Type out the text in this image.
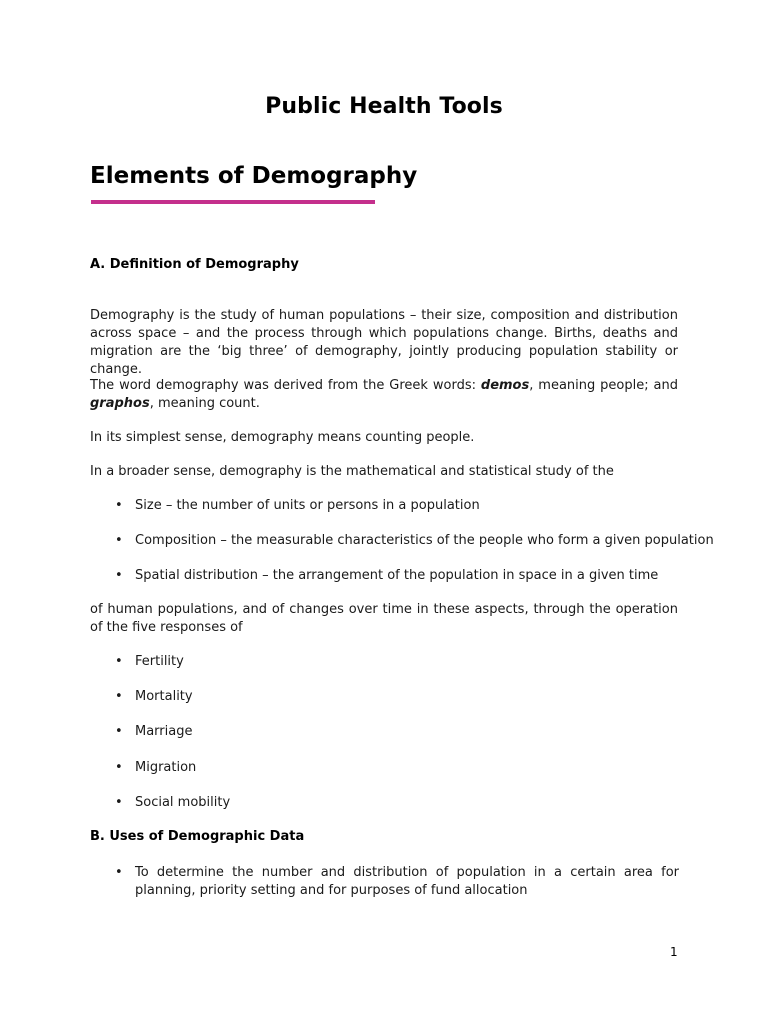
Public Health Tools
Elements of Demography
A. Definition of Demography
Demography is the study of human populations – their size, composition and distribution across space – and the process through which populations change. Births, deaths and migration are the ‘big three’ of demography, jointly producing population stability or change.
The word demography was derived from the Greek words: demos, meaning people; and graphos, meaning count.
In its simplest sense, demography means counting people.
In a broader sense, demography is the mathematical and statistical study of the
• Size – the number of units or persons in a population
• Composition – the measurable characteristics of the people who form a given population
• Spatial distribution – the arrangement of the population in space in a given time
of human populations, and of changes over time in these aspects, through the operation of the five responses of
• Fertility
• Mortality
• Marriage
• Migration
• Social mobility
B. Uses of Demographic Data
• To determine the number and distribution of population in a certain area for planning, priority setting and for purposes of fund allocation
1
